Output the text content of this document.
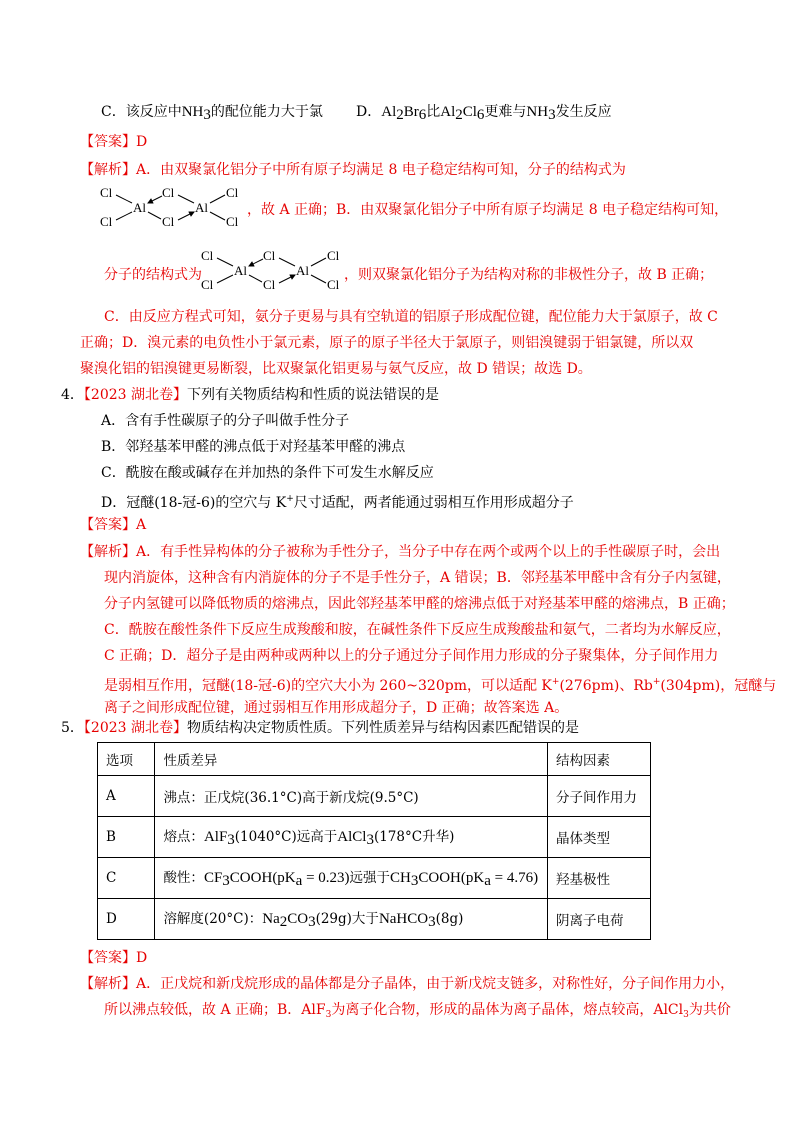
C．该反应中NH3的配位能力大于氯 D．Al2Br6比Al2Cl6更难与NH3发生反应
【答案】D
【解析】A．由双聚氯化铝分子中所有原子均满足 8 电子稳定结构可知，分子的结构式为
Cl
Cl
Al
Cl
Cl
Al
Cl
Cl
，故 A 正确；B．由双聚氯化铝分子中所有原子均满足 8 电子稳定结构可知，
分子的结构式为
Cl
Cl
Al
Cl
Cl
Al
Cl
Cl
，则双聚氯化铝分子为结构对称的非极性分子，故 B 正确；
C．由反应方程式可知，氨分子更易与具有空轨道的铝原子形成配位键，配位能力大于氯原子，故 C
正确；D．溴元素的电负性小于氯元素，原子的原子半径大于氯原子，则铝溴键弱于铝氯键，所以双
聚溴化铝的铝溴键更易断裂，比双聚氯化铝更易与氨气反应，故 D 错误；故选 D。
4．【2023 湖北卷】下列有关物质结构和性质的说法错误的是
A．含有手性碳原子的分子叫做手性分子
B．邻羟基苯甲醛的沸点低于对羟基苯甲醛的沸点
C．酰胺在酸或碱存在并加热的条件下可发生水解反应
D．冠醚(18-冠-6)的空穴与 K+尺寸适配，两者能通过弱相互作用形成超分子
【答案】A
【解析】A．有手性异构体的分子被称为手性分子，当分子中存在两个或两个以上的手性碳原子时，会出
现内消旋体，这种含有内消旋体的分子不是手性分子，A 错误；B．邻羟基苯甲醛中含有分子内氢键，
分子内氢键可以降低物质的熔沸点，因此邻羟基苯甲醛的熔沸点低于对羟基苯甲醛的熔沸点，B 正确；
C．酰胺在酸性条件下反应生成羧酸和胺，在碱性条件下反应生成羧酸盐和氨气，二者均为水解反应，
C 正确；D．超分子是由两种或两种以上的分子通过分子间作用力形成的分子聚集体，分子间作用力
是弱相互作用，冠醚(18-冠-6)的空穴大小为 260~320pm，可以适配 K+(276pm)、Rb+(304pm)，冠醚与
离子之间形成配位键，通过弱相互作用形成超分子，D 正确；故答案选 A。
5．【2023 湖北卷】物质结构决定物质性质。下列性质差异与结构因素匹配错误的是
选项	性质差异	结构因素
A	沸点：正戊烷(36.1°C)高于新戊烷(9.5°C)	分子间作用力
B	熔点：AlF3(1040°C)远高于AlCl3(178°C升华)	晶体类型
C	酸性：CF3COOH(pKa = 0.23)远强于CH3COOH(pKa = 4.76)	羟基极性
D	溶解度(20°C)：Na2CO3(29g)大于NaHCO3(8g)	阴离子电荷
【答案】D
【解析】A．正戊烷和新戊烷形成的晶体都是分子晶体，由于新戊烷支链多，对称性好，分子间作用力小，
所以沸点较低，故 A 正确；B．AlF$_3$为离子化合物，形成的晶体为离子晶体，熔点较高，AlCl$_3$为共价
